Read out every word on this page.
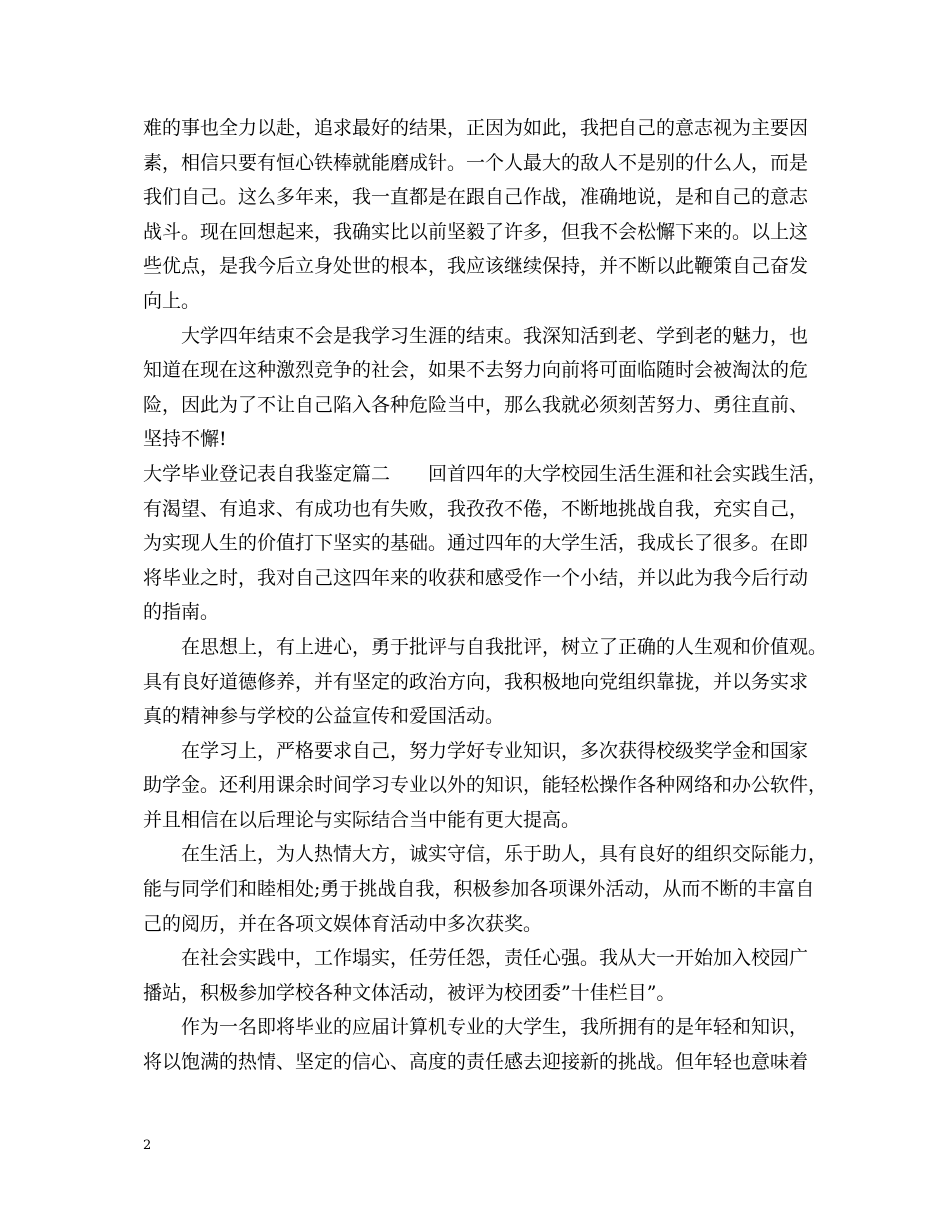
难的事也全力以赴，追求最好的结果，正因为如此，我把自己的意志视为主要因
素，相信只要有恒心铁棒就能磨成针。一个人最大的敌人不是别的什么人，而是
我们自己。这么多年来，我一直都是在跟自己作战，准确地说，是和自己的意志
战斗。现在回想起来，我确实比以前坚毅了许多，但我不会松懈下来的。以上这
些优点，是我今后立身处世的根本，我应该继续保持，并不断以此鞭策自己奋发
向上。
大学四年结束不会是我学习生涯的结束。我深知活到老、学到老的魅力，也
知道在现在这种激烈竞争的社会，如果不去努力向前将可面临随时会被淘汰的危
险，因此为了不让自己陷入各种危险当中，那么我就必须刻苦努力、勇往直前、
坚持不懈!
大学毕业登记表自我鉴定篇二　　回首四年的大学校园生活生涯和社会实践生活，
有渴望、有追求、有成功也有失败，我孜孜不倦，不断地挑战自我，充实自己，
为实现人生的价值打下坚实的基础。通过四年的大学生活，我成长了很多。在即
将毕业之时，我对自己这四年来的收获和感受作一个小结，并以此为我今后行动
的指南。
在思想上，有上进心，勇于批评与自我批评，树立了正确的人生观和价值观。
具有良好道德修养，并有坚定的政治方向，我积极地向党组织靠拢，并以务实求
真的精神参与学校的公益宣传和爱国活动。
在学习上，严格要求自己，努力学好专业知识，多次获得校级奖学金和国家
助学金。还利用课余时间学习专业以外的知识，能轻松操作各种网络和办公软件，
并且相信在以后理论与实际结合当中能有更大提高。
在生活上，为人热情大方，诚实守信，乐于助人，具有良好的组织交际能力，
能与同学们和睦相处;勇于挑战自我，积极参加各项课外活动，从而不断的丰富自
己的阅历，并在各项文娱体育活动中多次获奖。
在社会实践中，工作塌实，任劳任怨，责任心强。我从大一开始加入校园广
播站，积极参加学校各种文体活动，被评为校团委”十佳栏目”。
作为一名即将毕业的应届计算机专业的大学生，我所拥有的是年轻和知识，
将以饱满的热情、坚定的信心、高度的责任感去迎接新的挑战。但年轻也意味着
2
